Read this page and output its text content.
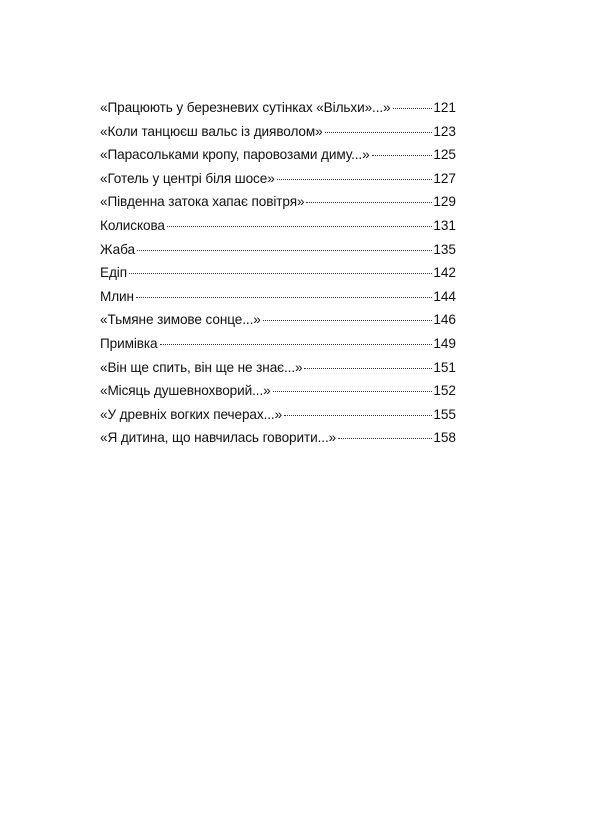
«Працюють у березневих сутінках «Вільхи»...»	121
«Коли танцюєш вальс із дияволом»	123
«Парасольками кропу, паровозами диму...»	125
«Готель у центрі біля шосе»	127
«Південна затока хапає повітря»	129
Колискова	131
Жаба	135
Едіп	142
Млин	144
«Тьмяне зимове сонце...»	146
Примівка	149
«Він ще спить, він ще не знає...»	151
«Місяць душевнохворий...»	152
«У древніх вогких печерах...»	155
«Я дитина, що навчилась говорити...»	158
